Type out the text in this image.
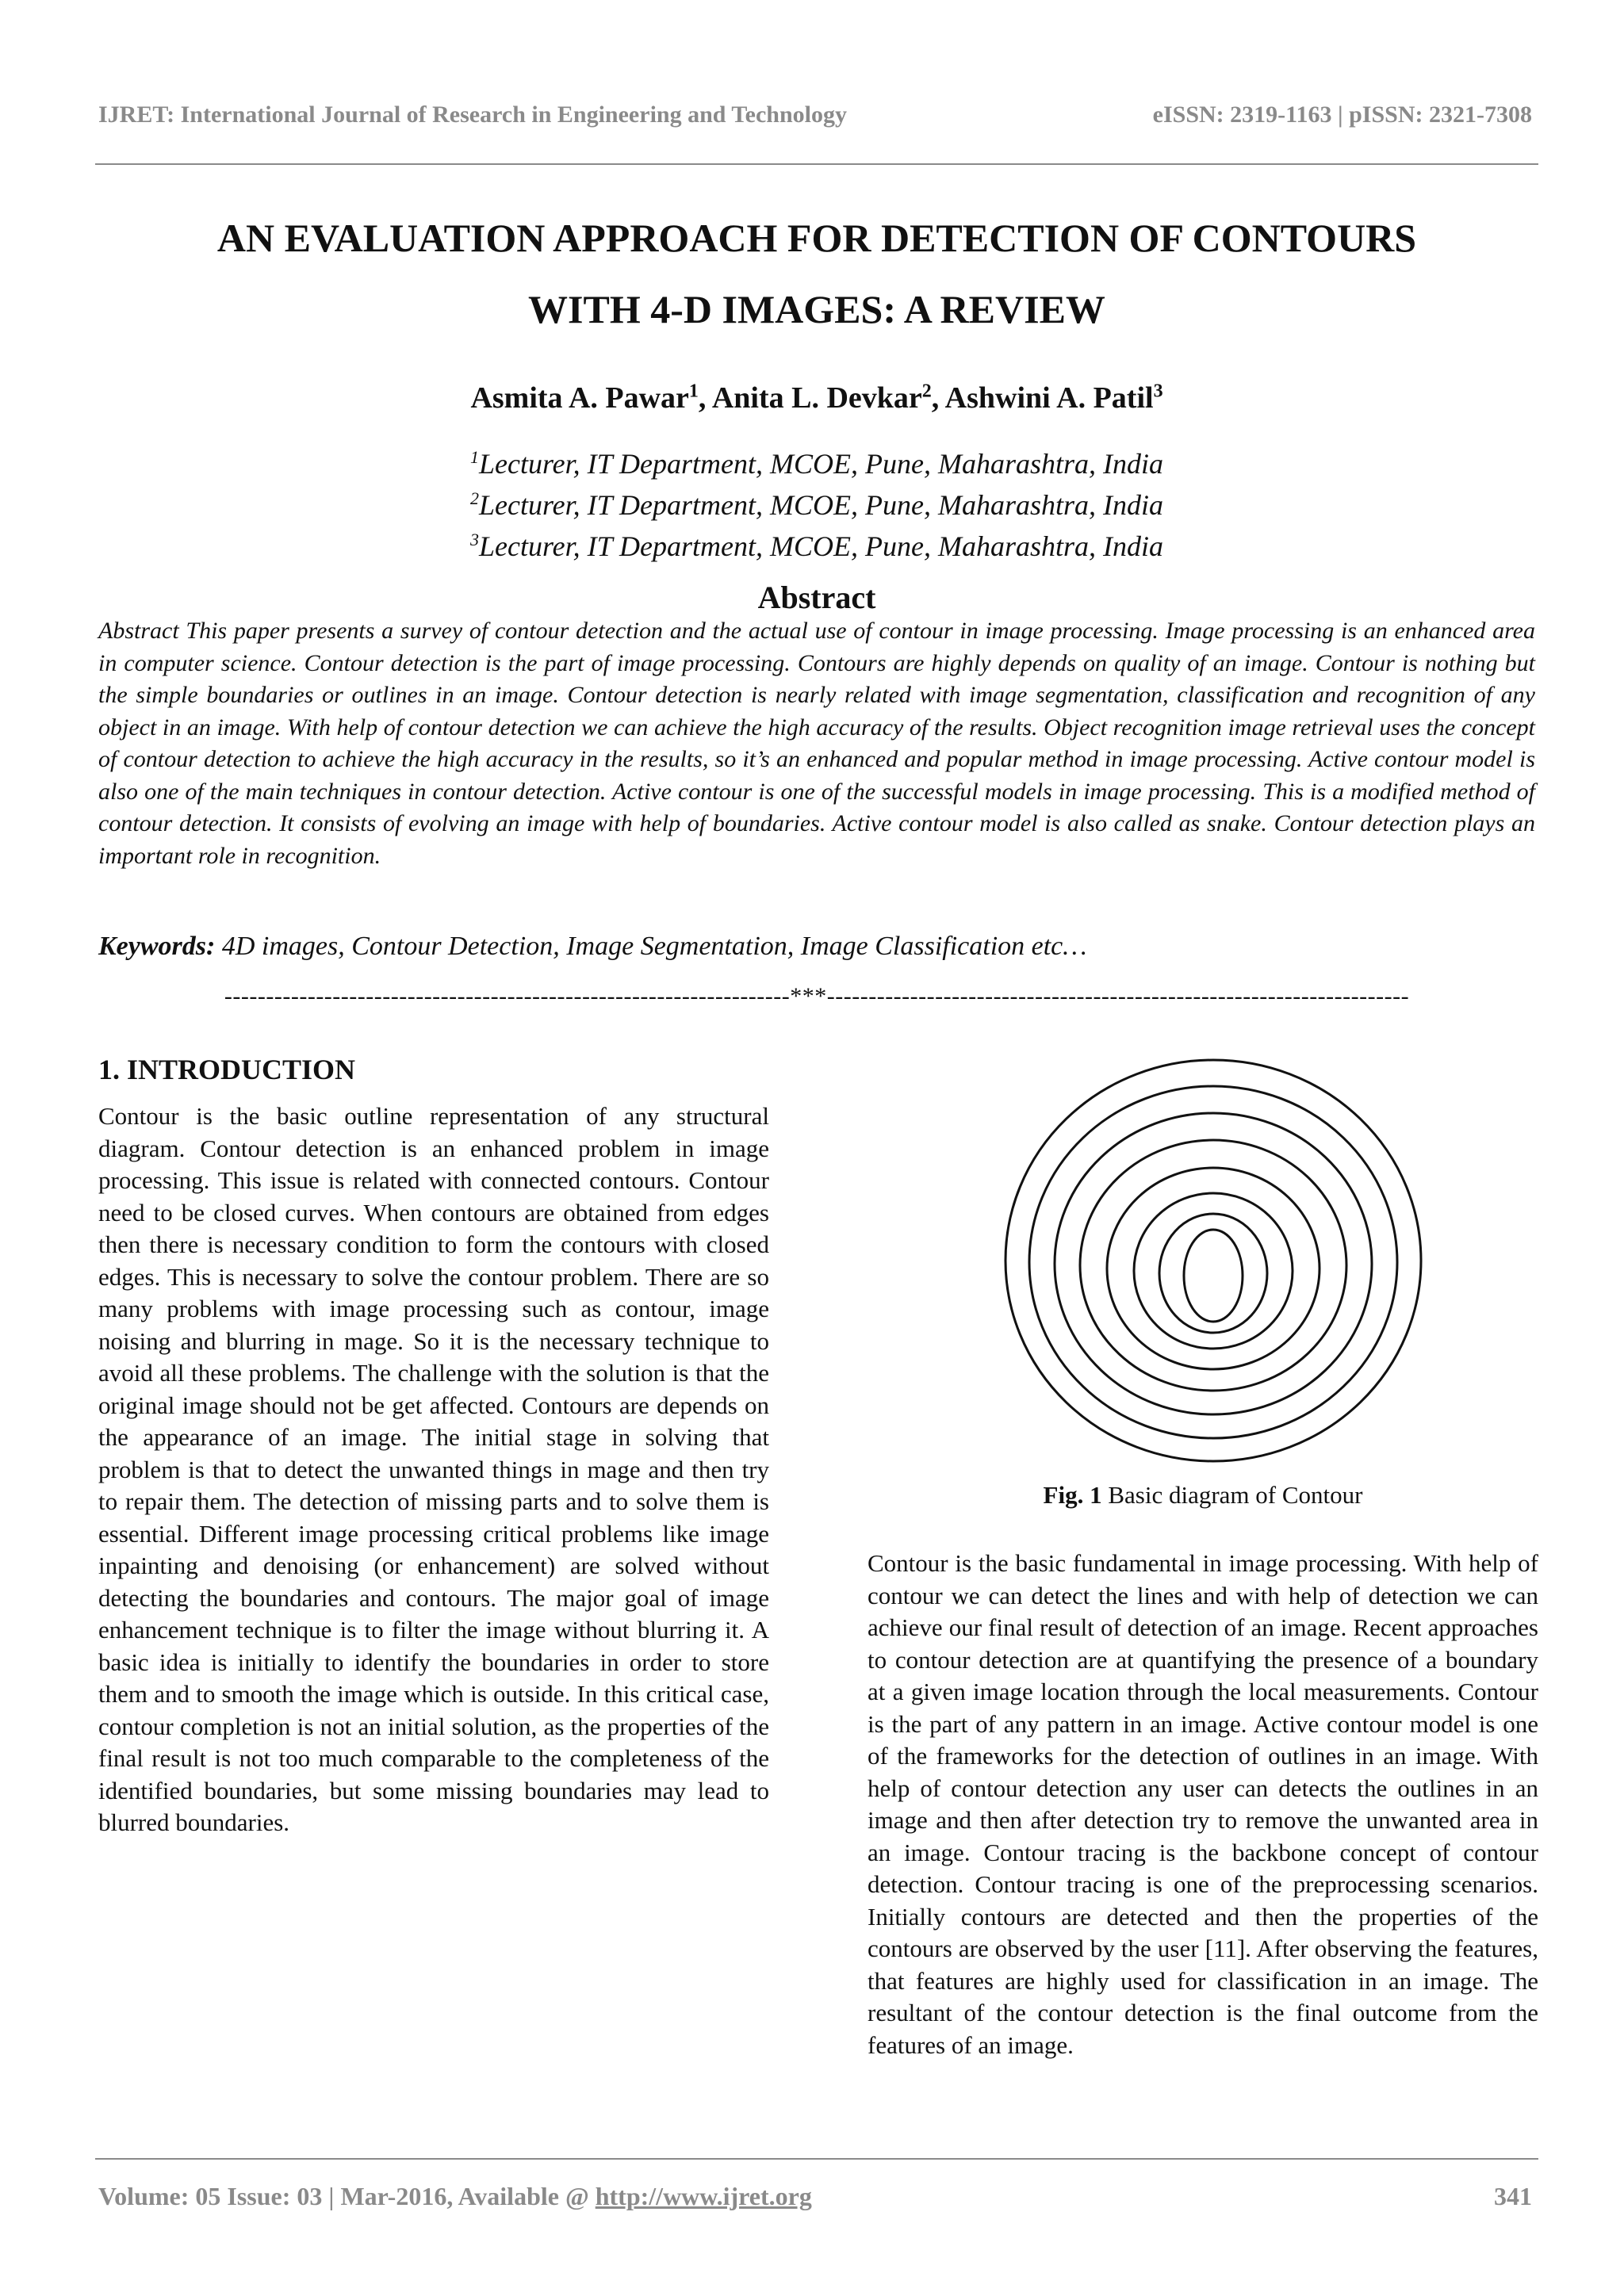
IJRET: International Journal of Research in Engineering and Technology	eISSN: 2319-1163 | pISSN: 2321-7308
AN EVALUATION APPROACH FOR DETECTION OF CONTOURS
WITH 4-D IMAGES: A REVIEW
Asmita A. Pawar$^1$, Anita L. Devkar$^2$, Ashwini A. Patil$^3$
$^1$Lecturer, IT Department, MCOE, Pune, Maharashtra, India
$^2$Lecturer, IT Department, MCOE, Pune, Maharashtra, India
$^3$Lecturer, IT Department, MCOE, Pune, Maharashtra, India
Abstract
Abstract This paper presents a survey of contour detection and the actual use of contour in image processing. Image processing is an enhanced area in computer science. Contour detection is the part of image processing. Contours are highly depends on quality of an image. Contour is nothing but the simple boundaries or outlines in an image. Contour detection is nearly related with image segmentation, classification and recognition of any object in an image. With help of contour detection we can achieve the high accuracy of the results. Object recognition image retrieval uses the concept of contour detection to achieve the high accuracy in the results, so it’s an enhanced and popular method in image processing. Active contour model is also one of the main techniques in contour detection. Active contour is one of the successful models in image processing. This is a modified method of contour detection. It consists of evolving an image with help of boundaries. Active contour model is also called as snake. Contour detection plays an important role in recognition.
Keywords: 4D images, Contour Detection, Image Segmentation, Image Classification etc…
--------------------------------------------------------------------***----------------------------------------------------------------------
1. INTRODUCTION
Contour is the basic outline representation of any structural diagram. Contour detection is an enhanced problem in image processing. This issue is related with connected contours. Contour need to be closed curves. When contours are obtained from edges then there is necessary condition to form the contours with closed edges. This is necessary to solve the contour problem. There are so many problems with image processing such as contour, image noising and blurring in mage. So it is the necessary technique to avoid all these problems. The challenge with the solution is that the original image should not be get affected. Contours are depends on the appearance of an image. The initial stage in solving that problem is that to detect the unwanted things in mage and then try to repair them. The detection of missing parts and to solve them is essential. Different image processing critical problems like image inpainting and denoising (or enhancement) are solved without detecting the boundaries and contours. The major goal of image enhancement technique is to filter the image without blurring it. A basic idea is initially to identify the boundaries in order to store them and to smooth the image which is outside. In this critical case, contour completion is not an initial solution, as the properties of the final result is not too much comparable to the completeness of the identified boundaries, but some missing boundaries may lead to blurred boundaries.
Fig. 1 Basic diagram of Contour
Contour is the basic fundamental in image processing. With help of contour we can detect the lines and with help of detection we can achieve our final result of detection of an image. Recent approaches to contour detection are at quantifying the presence of a boundary at a given image location through the local measurements. Contour is the part of any pattern in an image. Active contour model is one of the frameworks for the detection of outlines in an image. With help of contour detection any user can detects the outlines in an image and then after detection try to remove the unwanted area in an image. Contour tracing is the backbone concept of contour detection. Contour tracing is one of the preprocessing scenarios. Initially contours are detected and then the properties of the contours are observed by the user [11]. After observing the features, that features are highly used for classification in an image. The resultant of the contour detection is the final outcome from the features of an image.
Volume: 05 Issue: 03 | Mar-2016, Available @ http://www.ijret.org	341
